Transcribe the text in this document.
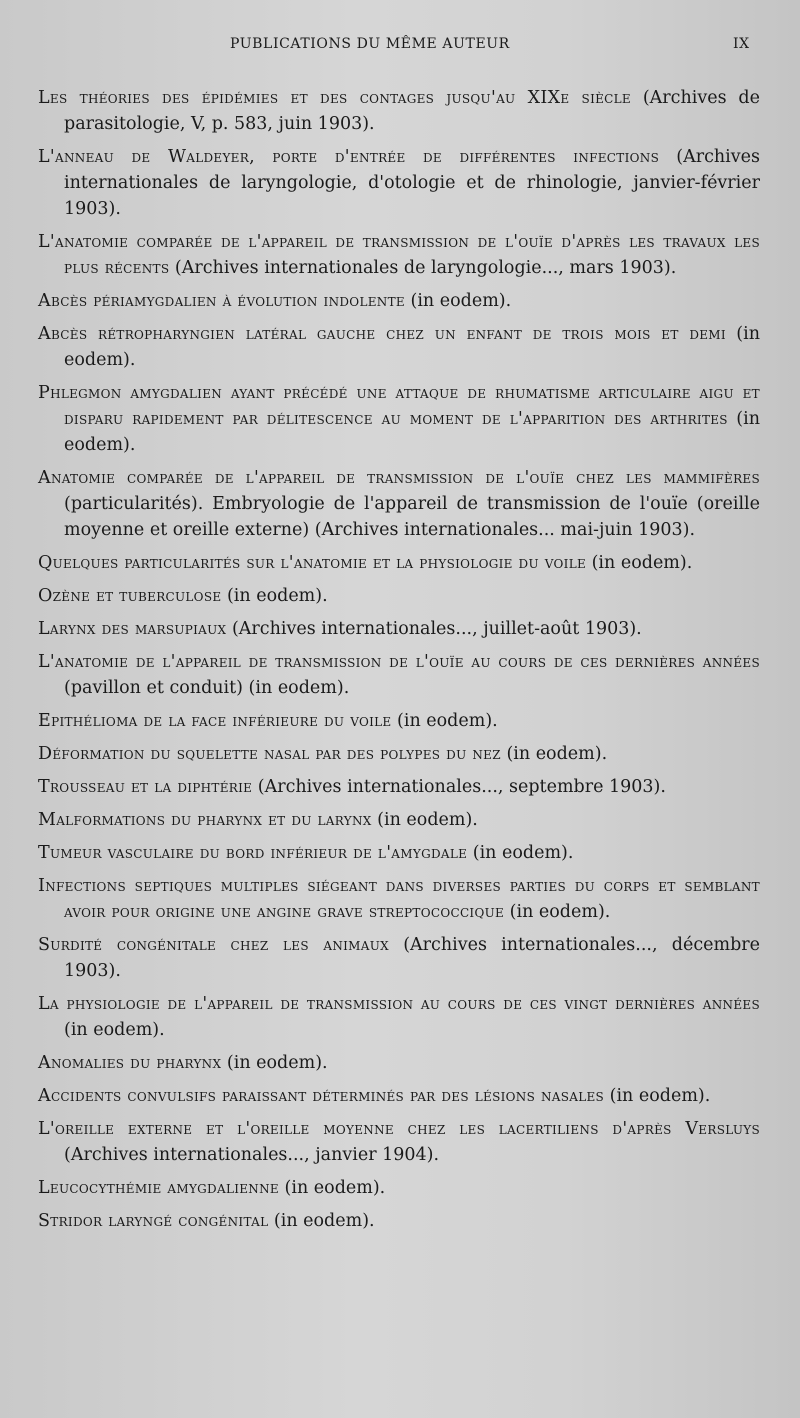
PUBLICATIONS DU MÊME AUTEUR	IX

Les théories des épidémies et des contages jusqu'au XIXe siècle (Archives de parasitologie, V, p. 583, juin 1903).

L'anneau de Waldeyer, porte d'entrée de différentes infections (Archives internationales de laryngologie, d'otologie et de rhinologie, janvier-février 1903).

L'anatomie comparée de l'appareil de transmission de l'ouïe d'après les travaux les plus récents (Archives internationales de laryngologie..., mars 1903).

Abcès périamygdalien à évolution indolente (in eodem).

Abcès rétropharyngien latéral gauche chez un enfant de trois mois et demi (in eodem).

Phlegmon amygdalien ayant précédé une attaque de rhumatisme articulaire aigu et disparu rapidement par délitescence au moment de l'apparition des arthrites (in eodem).

Anatomie comparée de l'appareil de transmission de l'ouïe chez les mammifères (particularités). Embryologie de l'appareil de transmission de l'ouïe (oreille moyenne et oreille externe) (Archives internationales... mai-juin 1903).

Quelques particularités sur l'anatomie et la physiologie du voile (in eodem).

Ozène et tuberculose (in eodem).

Larynx des marsupiaux (Archives internationales..., juillet-août 1903).

L'anatomie de l'appareil de transmission de l'ouïe au cours de ces dernières années (pavillon et conduit) (in eodem).

Epithélioma de la face inférieure du voile (in eodem).

Déformation du squelette nasal par des polypes du nez (in eodem).

Trousseau et la diphtérie (Archives internationales..., septembre 1903).

Malformations du pharynx et du larynx (in eodem).

Tumeur vasculaire du bord inférieur de l'amygdale (in eodem).

Infections septiques multiples siégeant dans diverses parties du corps et semblant avoir pour origine une angine grave streptococcique (in eodem).

Surdité congénitale chez les animaux (Archives internationales..., décembre 1903).

La physiologie de l'appareil de transmission au cours de ces vingt dernières années (in eodem).

Anomalies du pharynx (in eodem).

Accidents convulsifs paraissant déterminés par des lésions nasales (in eodem).

L'oreille externe et l'oreille moyenne chez les lacertiliens d'après Versluys (Archives internationales..., janvier 1904).

Leucocythémie amygdalienne (in eodem).

Stridor laryngé congénital (in eodem).
